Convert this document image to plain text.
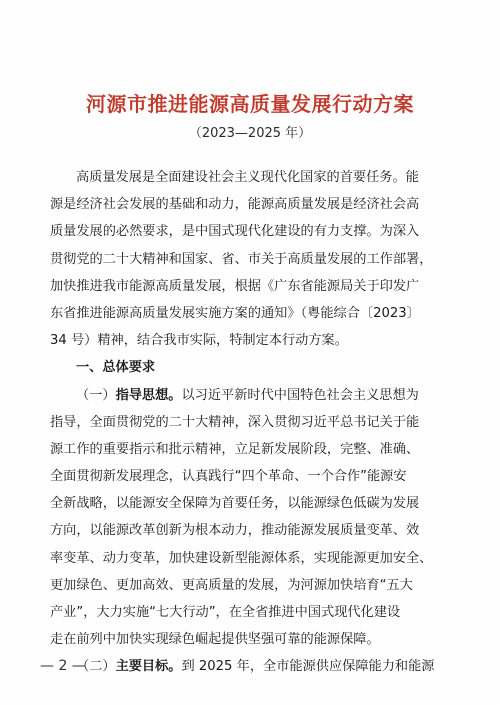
河源市推进能源高质量发展行动方案
（2023—2025 年）
高质量发展是全面建设社会主义现代化国家的首要任务。能
源是经济社会发展的基础和动力，能源高质量发展是经济社会高
质量发展的必然要求，是中国式现代化建设的有力支撑。为深入
贯彻党的二十大精神和国家、省、市关于高质量发展的工作部署，
加快推进我市能源高质量发展，根据《广东省能源局关于印发广
东省推进能源高质量发展实施方案的通知》（粤能综合〔2023〕
34 号）精神，结合我市实际，特制定本行动方案。
一、总体要求
（一）指导思想。以习近平新时代中国特色社会主义思想为
指导，全面贯彻党的二十大精神，深入贯彻习近平总书记关于能
源工作的重要指示和批示精神，立足新发展阶段，完整、准确、
全面贯彻新发展理念，认真践行“四个革命、一个合作”能源安
全新战略，以能源安全保障为首要任务，以能源绿色低碳为发展
方向，以能源改革创新为根本动力，推动能源发展质量变革、效
率变革、动力变革，加快建设新型能源体系，实现能源更加安全、
更加绿色、更加高效、更高质量的发展，为河源加快培育“五大
产业”，大力实施“七大行动”，在全省推进中国式现代化建设
走在前列中加快实现绿色崛起提供坚强可靠的能源保障。
（二）主要目标。到 2025 年，全市能源供应保障能力和能源
— 2 —
